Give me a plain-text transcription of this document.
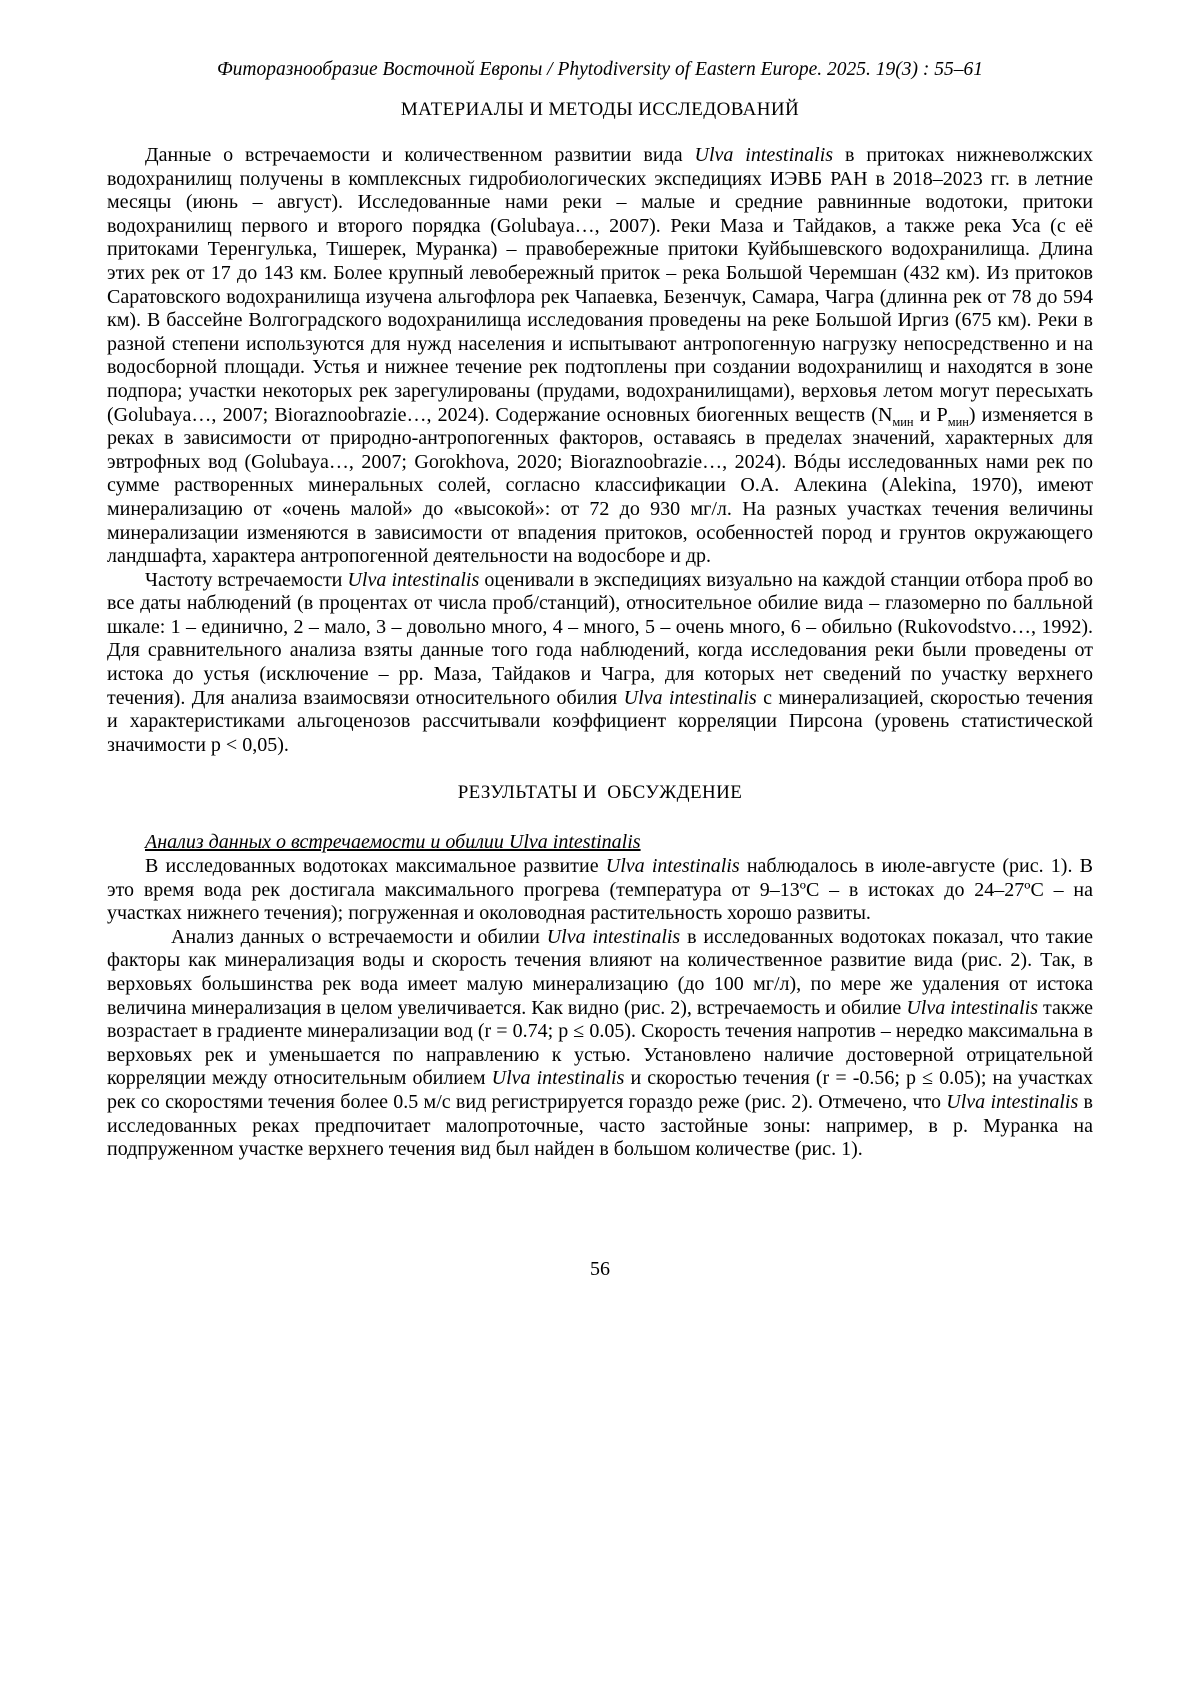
Фиторазнообразие Восточной Европы / Phytodiversity of Eastern Europe. 2025. 19(3) : 55–61
МАТЕРИАЛЫ И МЕТОДЫ ИССЛЕДОВАНИЙ

Данные о встречаемости и количественном развитии вида Ulva intestinalis в притоках нижневолжских водохранилищ получены в комплексных гидробиологических экспедициях ИЭВБ РАН в 2018–2023 гг. в летние месяцы (июнь – август). Исследованные нами реки – малые и средние равнинные водотоки, притоки водохранилищ первого и второго порядка (Golubaya…, 2007). Реки Маза и Тайдаков, а также река Уса (с её притоками Теренгулька, Тишерек, Муранка) – правобережные притоки Куйбышевского водохранилища. Длина этих рек от 17 до 143 км. Более крупный левобережный приток – река Большой Черемшан (432 км). Из притоков Саратовского водохранилища изучена альгофлора рек Чапаевка, Безенчук, Самара, Чагра (длинна рек от 78 до 594 км). В бассейне Волгоградского водохранилища исследования проведены на реке Большой Иргиз (675 км). Реки в разной степени используются для нужд населения и испытывают антропогенную нагрузку непосредственно и на водосборной площади. Устья и нижнее течение рек подтоплены при создании водохранилищ и находятся в зоне подпора; участки некоторых рек зарегулированы (прудами, водохранилищами), верховья летом могут пересыхать (Golubaya…, 2007; Bioraznoobrazie…, 2024). Содержание основных биогенных веществ ($N_{мин}$ и $P_{мин}$) изменяется в реках в зависимости от природно-антропогенных факторов, оставаясь в пределах значений, характерных для эвтрофных вод (Golubaya…, 2007; Gorokhova, 2020; Bioraznoobrazie…, 2024). Вóды исследованных нами рек по сумме растворенных минеральных солей, согласно классификации О.А. Алекина (Alekina, 1970), имеют минерализацию от «очень малой» до «высокой»: от 72 до 930 мг/л. На разных участках течения величины минерализации изменяются в зависимости от впадения притоков, особенностей пород и грунтов окружающего ландшафта, характера антропогенной деятельности на водосборе и др.

Частоту встречаемости Ulva intestinalis оценивали в экспедициях визуально на каждой станции отбора проб во все даты наблюдений (в процентах от числа проб/станций), относительное обилие вида – глазомерно по балльной шкале: 1 – единично, 2 – мало, 3 – довольно много, 4 – много, 5 – очень много, 6 – обильно (Rukovodstvo…, 1992). Для сравнительного анализа взяты данные того года наблюдений, когда исследования реки были проведены от истока до устья (исключение – рр. Маза, Тайдаков и Чагра, для которых нет сведений по участку верхнего течения). Для анализа взаимосвязи относительного обилия Ulva intestinalis с минерализацией, скоростью течения и характеристиками альгоценозов рассчитывали коэффициент корреляции Пирсона (уровень статистической значимости p < 0,05).

РЕЗУЛЬТАТЫ И  ОБСУЖДЕНИЕ

Анализ данных о встречаемости и обилии Ulva intestinalis

В исследованных водотоках максимальное развитие Ulva intestinalis наблюдалось в июле-августе (рис. 1). В это время вода рек достигала максимального прогрева (температура от 9–13ºС – в истоках до 24–27ºС – на участках нижнего течения); погруженная и околоводная растительность хорошо развиты.

Анализ данных о встречаемости и обилии Ulva intestinalis в исследованных водотоках показал, что такие факторы как минерализация воды и скорость течения влияют на количественное развитие вида (рис. 2). Так, в верховьях большинства рек вода имеет малую минерализацию (до 100 мг/л), по мере же удаления от истока величина минерализация в целом увеличивается. Как видно (рис. 2), встречаемость и обилие Ulva intestinalis также возрастает в градиенте минерализации вод (r = 0.74; p ≤ 0.05). Скорость течения напротив – нередко максимальна в верховьях рек и уменьшается по направлению к устью. Установлено наличие достоверной отрицательной корреляции между относительным обилием Ulva intestinalis и скоростью течения (r = -0.56; p ≤ 0.05); на участках рек со скоростями течения более 0.5 м/с вид регистрируется гораздо реже (рис. 2). Отмечено, что Ulva intestinalis в исследованных реках предпочитает малопроточные, часто застойные зоны: например, в р. Муранка на подпруженном участке верхнего течения вид был найден в большом количестве (рис. 1).

56
